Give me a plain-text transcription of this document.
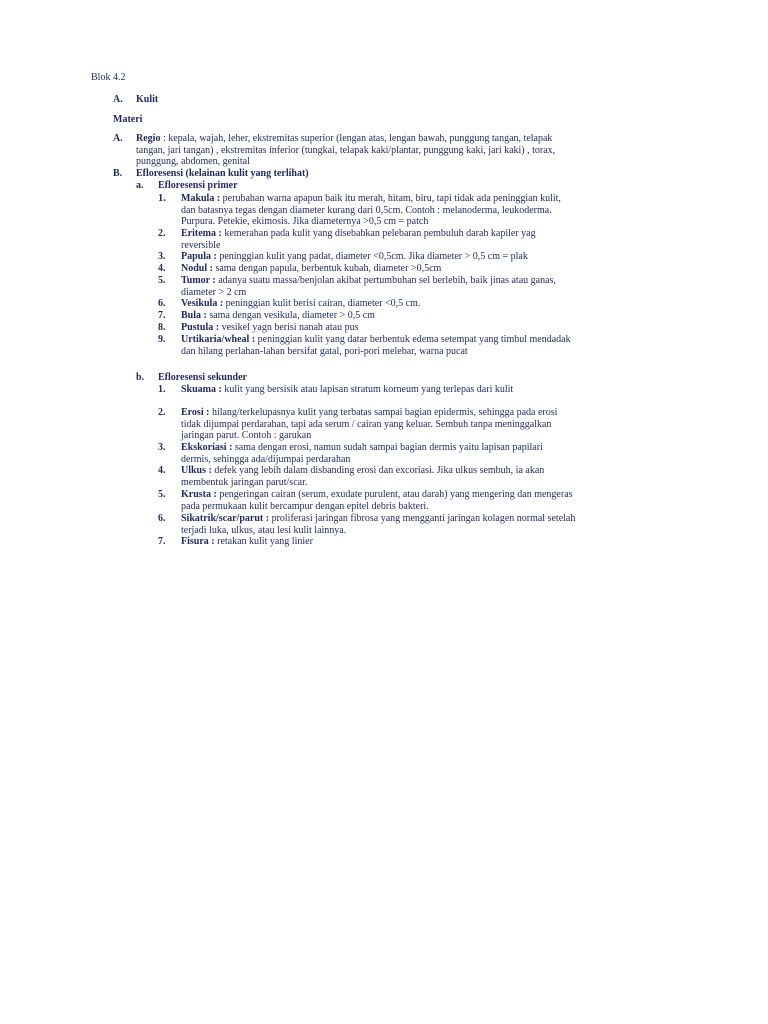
Blok 4.2
A. Kulit
Materi
A. Regio : kepala, wajah, leher, ekstremitas superior (lengan atas, lengan bawah, punggung tangan, telapak
tangan, jari tangan) , ekstremitas inferior (tungkai, telapak kaki/plantar, punggung kaki, jari kaki) , torax,
punggung, abdomen, genital
B. Efloresensi (kelainan kulit yang terlihat)
a. Efloresensi primer
1. Makula : perubahan warna apapun baik itu merah, hitam, biru, tapi tidak ada peninggian kulit,
dan batasnya tegas dengan diameter kurang dari 0,5cm. Contoh : melanoderma, leukoderma.
Purpura. Petekie, ekimosis. Jika diameternya >0,5 cm = patch
2. Eritema : kemerahan pada kulit yang disebabkan pelebaran pembuluh darah kapiler yag
reversible
3. Papula : peninggian kulit yang padat, diameter <0,5cm. Jika diameter > 0,5 cm = plak
4. Nodul : sama dengan papula, berbentuk kubah, diameter >0,5cm
5. Tumor : adanya suatu massa/benjolan akibat pertumbuhan sel berlebih, baik jinas atau ganas,
diameter > 2 cm
6. Vesikula : peninggian kulit berisi cairan, diameter <0,5 cm.
7. Bula : sama dengan vesikula, diameter > 0,5 cm
8. Pustula : vesikel yagn berisi nanah atau pus
9. Urtikaria/wheal : peninggian kulit yang datar berbentuk edema setempat yang timbul mendadak
dan hilang perlahan-lahan bersifat gatal, pori-pori melebar, warna pucat
b. Efloresensi sekunder
1. Skuama : kulit yang bersisik atau lapisan stratum korneum yang terlepas dari kulit
2. Erosi : hilang/terkelupasnya kulit yang terbatas sampai bagian epidermis, sehingga pada erosi
tidak dijumpai perdarahan, tapi ada serum / cairan yang keluar. Sembuh tanpa meninggalkan
jaringan parut. Contoh : garukan
3. Ekskoriasi : sama dengan erosi, namun sudah sampai bagian dermis yaitu lapisan papilari
dermis, sehingga ada/dijumpai perdarahan
4. Ulkus : defek yang lebih dalam disbanding erosi dan excoriasi. Jika ulkus sembuh, ia akan
membentuk jaringan parut/scar.
5. Krusta : pengeringan cairan (serum, exudate purulent, atau darah) yang mengering dan mengeras
pada permukaan kulit bercampur dengan epitel debris bakteri.
6. Sikatrik/scar/parut : proliferasi jaringan fibrosa yang mengganti jaringan kolagen normal setelah
terjadi luka, ulkus, atau lesi kulit lainnya.
7. Fisura : retakan kulit yang linier
